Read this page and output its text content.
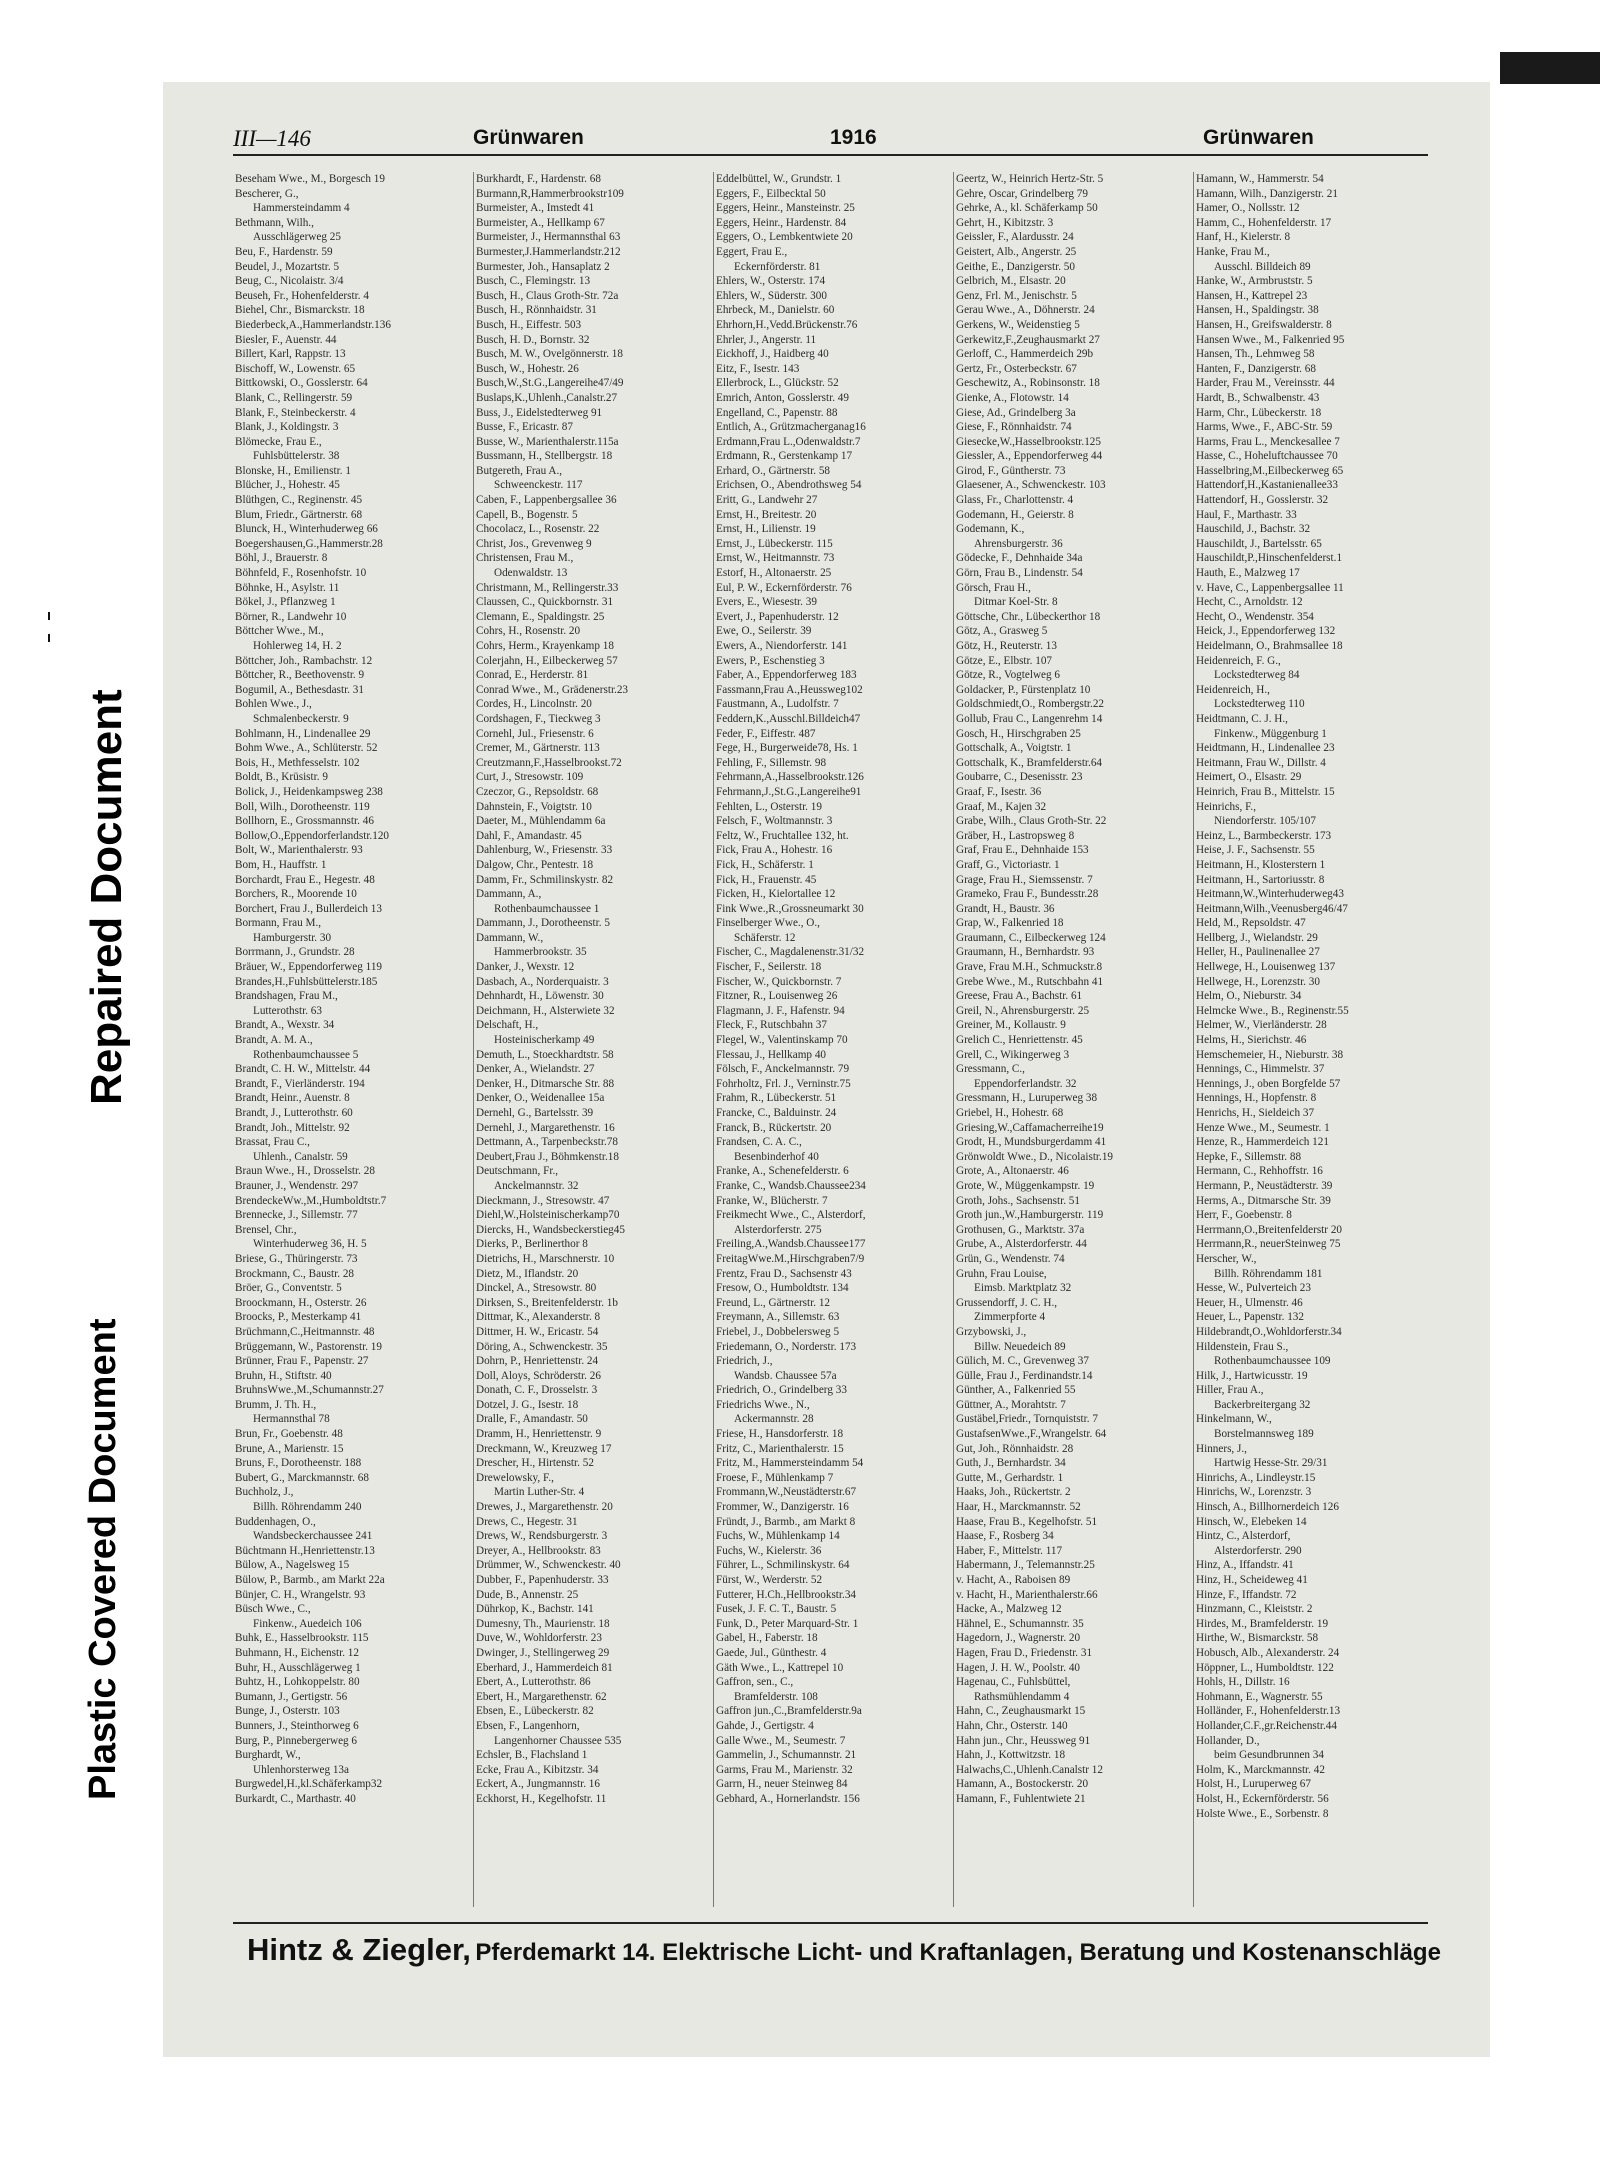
Repaired Document
Plastic Covered Document
III—146	Grünwaren	1916	Grünwaren
Beseham Wwe., M., Borgesch 19
Bescherer, G.,
Hammersteindamm 4
Bethmann, Wilh.,
Ausschlägerweg 25
Beu, F., Hardenstr. 59
Beudel, J., Mozartstr. 5
Beug, C., Nicolaistr. 3/4
Beuseh, Fr., Hohenfelderstr. 4
Biehel, Chr., Bismarckstr. 18
Biederbeck,A.,Hammerlandstr.136
Biesler, F., Auenstr. 44
Billert, Karl, Rappstr. 13
Bischoff, W., Lowenstr. 65
Bittkowski, O., Gosslerstr. 64
Blank, C., Rellingerstr. 59
Blank, F., Steinbeckerstr. 4
Blank, J., Koldingstr. 3
Blömecke, Frau E.,
Fuhlsbüttelerstr. 38
Blonske, H., Emilienstr. 1
Blücher, J., Hohestr. 45
Blüthgen, C., Reginenstr. 45
Blum, Friedr., Gärtnerstr. 68
Blunck, H., Winterhuderweg 66
Boegershausen,G.,Hammerstr.28
Böhl, J., Brauerstr. 8
Böhnfeld, F., Rosenhofstr. 10
Böhnke, H., Asylstr. 11
Bökel, J., Pflanzweg 1
Börner, R., Landwehr 10
Böttcher Wwe., M.,
Hohlerweg 14, H. 2
Böttcher, Joh., Rambachstr. 12
Böttcher, R., Beethovenstr. 9
Bogumil, A., Bethesdastr. 31
Bohlen Wwe., J.,
Schmalenbeckerstr. 9
Bohlmann, H., Lindenallee 29
Bohm Wwe., A., Schlüterstr. 52
Bois, H., Methfesselstr. 102
Boldt, B., Krüsistr. 9
Bolick, J., Heidenkampsweg 238
Boll, Wilh., Dorotheenstr. 119
Bollhorn, E., Grossmannstr. 46
Bollow,O.,Eppendorferlandstr.120
Bolt, W., Marienthalerstr. 93
Bom, H., Hauffstr. 1
Borchardt, Frau E., Hegestr. 48
Borchers, R., Moorende 10
Borchert, Frau J., Bullerdeich 13
Bormann, Frau M.,
Hamburgerstr. 30
Borrmann, J., Grundstr. 28
Bräuer, W., Eppendorferweg 119
Brandes,H.,Fuhlsbüttelerstr.185
Brandshagen, Frau M.,
Lutterothstr. 63
Brandt, A., Wexstr. 34
Brandt, A. M. A.,
Rothenbaumchaussee 5
Brandt, C. H. W., Mittelstr. 44
Brandt, F., Vierländerstr. 194
Brandt, Heinr., Auenstr. 8
Brandt, J., Lutterothstr. 60
Brandt, Joh., Mittelstr. 92
Brassat, Frau C.,
Uhlenh., Canalstr. 59
Braun Wwe., H., Drosselstr. 28
Brauner, J., Wendenstr. 297
BrendeckeWw.,M.,Humboldtstr.7
Brennecke, J., Sillemstr. 77
Brensel, Chr.,
Winterhuderweg 36, H. 5
Briese, G., Thüringerstr. 73
Brockmann, C., Baustr. 28
Bröer, G., Conventstr. 5
Broockmann, H., Osterstr. 26
Broocks, P., Mesterkamp 41
Brüchmann,C.,Heitmannstr. 48
Brüggemann, W., Pastorenstr. 19
Brünner, Frau F., Papenstr. 27
Bruhn, H., Stiftstr. 40
BruhnsWwe.,M.,Schumannstr.27
Brumm, J. Th. H.,
Hermannsthal 78
Brun, Fr., Goebenstr. 48
Brune, A., Marienstr. 15
Bruns, F., Dorotheenstr. 188
Bubert, G., Marckmannstr. 68
Buchholz, J.,
Billh. Röhrendamm 240
Buddenhagen, O.,
Wandsbeckerchaussee 241
Büchtmann H.,Henriettenstr.13
Bülow, A., Nagelsweg 15
Bülow, P., Barmb., am Markt 22a
Bünjer, C. H., Wrangelstr. 93
Büsch Wwe., C.,
Finkenw., Auedeich 106
Buhk, E., Hasselbrookstr. 115
Buhmann, H., Eichenstr. 12
Buhr, H., Ausschlägerweg 1
Buhtz, H., Lohkoppelstr. 80
Bumann, J., Gertigstr. 56
Bunge, J., Osterstr. 103
Bunners, J., Steinthorweg 6
Burg, P., Pinnebergerweg 6
Burghardt, W.,
Uhlenhorsterweg 13a
Burgwedel,H.,kl.Schäferkamp32
Burkardt, C., Marthastr. 40
Burkhardt, F., Hardenstr. 68
Burmann,R,Hammerbrookstr109
Burmeister, A., Imstedt 41
Burmeister, A., Hellkamp 67
Burmeister, J., Hermannsthal 63
Burmester,J.Hammerlandstr.212
Burmester, Joh., Hansaplatz 2
Busch, C., Flemingstr. 13
Busch, H., Claus Groth-Str. 72a
Busch, H., Rönnhaidstr. 31
Busch, H., Eiffestr. 503
Busch, H. D., Bornstr. 32
Busch, M. W., Ovelgönnerstr. 18
Busch, W., Hohestr. 26
Busch,W.,St.G.,Langereihe47/49
Buslaps,K.,Uhlenh.,Canalstr.27
Buss, J., Eidelstedterweg 91
Busse, F., Ericastr. 87
Busse, W., Marienthalerstr.115a
Bussmann, H., Stellbergstr. 18
Butgereth, Frau A.,
Schweenckestr. 117
Caben, F., Lappenbergsallee 36
Capell, B., Bogenstr. 5
Chocolacz, L., Rosenstr. 22
Christ, Jos., Grevenweg 9
Christensen, Frau M.,
Odenwaldstr. 13
Christmann, M., Rellingerstr.33
Claussen, C., Quickbornstr. 31
Clemann, E., Spaldingstr. 25
Cohrs, H., Rosenstr. 20
Cohrs, Herm., Krayenkamp 18
Colerjahn, H., Eilbeckerweg 57
Conrad, E., Herderstr. 81
Conrad Wwe., M., Grädenerstr.23
Cordes, H., Lincolnstr. 20
Cordshagen, F., Tieckweg 3
Cornehl, Jul., Friesenstr. 6
Cremer, M., Gärtnerstr. 113
Creutzmann,F.,Hasselbrookst.72
Curt, J., Stresowstr. 109
Czeczor, G., Repsoldstr. 68
Dahnstein, F., Voigtstr. 10
Daeter, M., Mühlendamm 6a
Dahl, F., Amandastr. 45
Dahlenburg, W., Friesenstr. 33
Dalgow, Chr., Pentestr. 18
Damm, Fr., Schmilinskystr. 82
Dammann, A.,
Rothenbaumchaussee 1
Dammann, J., Dorotheenstr. 5
Dammann, W.,
Hammerbrookstr. 35
Danker, J., Wexstr. 12
Dasbach, A., Norderquaistr. 3
Dehnhardt, H., Löwenstr. 30
Deichmann, H., Alsterwiete 32
Delschaft, H.,
Hosteinischerkamp 49
Demuth, L., Stoeckhardtstr. 58
Denker, A., Wielandstr. 27
Denker, H., Ditmarsche Str. 88
Denker, O., Weidenallee 15a
Dernehl, G., Bartelsstr. 39
Dernehl, J., Margarethenstr. 16
Dettmann, A., Tarpenbeckstr.78
Deubert,Frau J., Böhmkenstr.18
Deutschmann, Fr.,
Anckelmannstr. 32
Dieckmann, J., Stresowstr. 47
Diehl,W.,Holsteinischerkamp70
Diercks, H., Wandsbeckerstieg45
Dierks, P., Berlinerthor 8
Dietrichs, H., Marschnerstr. 10
Dietz, M., Iflandstr. 20
Dinckel, A., Stresowstr. 80
Dirksen, S., Breitenfelderstr. 1b
Dittmar, K., Alexanderstr. 8
Dittmer, H. W., Ericastr. 54
Döring, A., Schwenckestr. 35
Dohrn, P., Henriettenstr. 24
Doll, Aloys, Schröderstr. 26
Donath, C. F., Drosselstr. 3
Dotzel, J. G., Isestr. 18
Dralle, F., Amandastr. 50
Dramm, H., Henriettenstr. 9
Dreckmann, W., Kreuzweg 17
Drescher, H., Hirtenstr. 52
Drewelowsky, F.,
Martin Luther-Str. 4
Drewes, J., Margarethenstr. 20
Drews, C., Hegestr. 31
Drews, W., Rendsburgerstr. 3
Dreyer, A., Hellbrookstr. 83
Drümmer, W., Schwenckestr. 40
Dubber, F., Papenhuderstr. 33
Dude, B., Annenstr. 25
Dührkop, K., Bachstr. 141
Dumesny, Th., Maurienstr. 18
Duve, W., Wohldorferstr. 23
Dwinger, J., Stellingerweg 29
Eberhard, J., Hammerdeich 81
Ebert, A., Lutterothstr. 86
Ebert, H., Margarethenstr. 62
Ebsen, E., Lübeckerstr. 82
Ebsen, F., Langenhorn,
Langenhorner Chaussee 535
Echsler, B., Flachsland 1
Ecke, Frau A., Kibitzstr. 34
Eckert, A., Jungmannstr. 16
Eckhorst, H., Kegelhofstr. 11
Eddelbüttel, W., Grundstr. 1
Eggers, F., Eilbecktal 50
Eggers, Heinr., Mansteinstr. 25
Eggers, Heinr., Hardenstr. 84
Eggers, O., Lembkentwiete 20
Eggert, Frau E.,
Eckernförderstr. 81
Ehlers, W., Osterstr. 174
Ehlers, W., Süderstr. 300
Ehrbeck, M., Danielstr. 60
Ehrhorn,H.,Vedd.Brückenstr.76
Ehrler, J., Angerstr. 11
Eickhoff, J., Haidberg 40
Eitz, F., Isestr. 143
Ellerbrock, L., Glückstr. 52
Emrich, Anton, Gosslerstr. 49
Engelland, C., Papenstr. 88
Entlich, A., Grützmacherganag16
Erdmann,Frau L.,Odenwaldstr.7
Erdmann, R., Gerstenkamp 17
Erhard, O., Gärtnerstr. 58
Erichsen, O., Abendrothsweg 54
Eritt, G., Landwehr 27
Ernst, H., Breitestr. 20
Ernst, H., Lilienstr. 19
Ernst, J., Lübeckerstr. 115
Ernst, W., Heitmannstr. 73
Estorf, H., Altonaerstr. 25
Eul, P. W., Eckernförderstr. 76
Evers, E., Wiesestr. 39
Evert, J., Papenhuderstr. 12
Ewe, O., Seilerstr. 39
Ewers, A., Niendorferstr. 141
Ewers, P., Eschenstieg 3
Faber, A., Eppendorferweg 183
Fassmann,Frau A.,Heussweg102
Faustmann, A., Ludolfstr. 7
Feddern,K.,Ausschl.Billdeich47
Feder, F., Eiffestr. 487
Fege, H., Burgerweide78, Hs. 1
Fehling, F., Sillemstr. 98
Fehrmann,A.,Hasselbrookstr.126
Fehrmann,J.,St.G.,Langereihe91
Fehlten, L., Osterstr. 19
Felsch, F., Woltmannstr. 3
Feltz, W., Fruchtallee 132, ht.
Fick, Frau A., Hohestr. 16
Fick, H., Schäferstr. 1
Fick, H., Frauenstr. 45
Ficken, H., Kielortallee 12
Fink Wwe.,R.,Grossneumarkt 30
Finselberger Wwe., O.,
Schäferstr. 12
Fischer, C., Magdalenenstr.31/32
Fischer, F., Seilerstr. 18
Fischer, W., Quickbornstr. 7
Fitzner, R., Louisenweg 26
Flagmann, J. F., Hafenstr. 94
Fleck, F., Rutschbahn 37
Flegel, W., Valentinskamp 70
Flessau, J., Hellkamp 40
Fölsch, F., Anckelmannstr. 79
Fohrholtz, Frl. J., Verninstr.75
Frahm, R., Lübeckerstr. 51
Francke, C., Balduinstr. 24
Franck, B., Rückertstr. 20
Frandsen, C. A. C.,
Besenbinderhof 40
Franke, A., Schenefelderstr. 6
Franke, C., Wandsb.Chaussee234
Franke, W., Blücherstr. 7
Freikmecht Wwe., C., Alsterdorf,
Alsterdorferstr. 275
Freiling,A.,Wandsb.Chaussee177
FreitagWwe.M.,Hirschgraben7/9
Frentz, Frau D., Sachsenstr 43
Fresow, O., Humboldtstr. 134
Freund, L., Gärtnerstr. 12
Freymann, A., Sillemstr. 63
Friebel, J., Dobbelersweg 5
Friedemann, O., Norderstr. 173
Friedrich, J.,
Wandsb. Chaussee 57a
Friedrich, O., Grindelberg 33
Friedrichs Wwe., N.,
Ackermannstr. 28
Friese, H., Hansdorferstr. 18
Fritz, C., Marienthalerstr. 15
Fritz, M., Hammersteindamm 54
Froese, F., Mühlenkamp 7
Frommann,W.,Neustädterstr.67
Frommer, W., Danzigerstr. 16
Fründt, J., Barmb., am Markt 8
Fuchs, W., Mühlenkamp 14
Fuchs, W., Kielerstr. 36
Führer, L., Schmilinskystr. 64
Fürst, W., Werderstr. 52
Futterer, H.Ch.,Hellbrookstr.34
Fusek, J. F. C. T., Baustr. 5
Funk, D., Peter Marquard-Str. 1
Gabel, H., Faberstr. 18
Gaede, Jul., Günthestr. 4
Gäth Wwe., L., Kattrepel 10
Gaffron, sen., C.,
Bramfelderstr. 108
Gaffron jun.,C.,Bramfelderstr.9a
Gahde, J., Gertigstr. 4
Galle Wwe., M., Seumestr. 7
Gammelin, J., Schumannstr. 21
Garms, Frau M., Marienstr. 32
Garrn, H., neuer Steinweg 84
Gebhard, A., Hornerlandstr. 156
Geertz, W., Heinrich Hertz-Str. 5
Gehre, Oscar, Grindelberg 79
Gehrke, A., kl. Schäferkamp 50
Gehrt, H., Kibitzstr. 3
Geissler, F., Alardusstr. 24
Geistert, Alb., Angerstr. 25
Geithe, E., Danzigerstr. 50
Gelbrich, M., Elsastr. 20
Genz, Frl. M., Jenischstr. 5
Gerau Wwe., A., Döhnerstr. 24
Gerkens, W., Weidenstieg 5
Gerkewitz,F.,Zeughausmarkt 27
Gerloff, C., Hammerdeich 29b
Gertz, Fr., Osterbeckstr. 67
Geschewitz, A., Robinsonstr. 18
Gienke, A., Flotowstr. 14
Giese, Ad., Grindelberg 3a
Giese, F., Rönnhaidstr. 74
Giesecke,W.,Hasselbrookstr.125
Giessler, A., Eppendorferweg 44
Girod, F., Güntherstr. 73
Glaesener, A., Schwenckestr. 103
Glass, Fr., Charlottenstr. 4
Godemann, H., Geierstr. 8
Godemann, K.,
Ahrensburgerstr. 36
Gödecke, F., Dehnhaide 34a
Görn, Frau B., Lindenstr. 54
Görsch, Frau H.,
Ditmar Koel-Str. 8
Göttsche, Chr., Lübeckerthor 18
Götz, A., Grasweg 5
Götz, H., Reuterstr. 13
Götze, E., Elbstr. 107
Götze, R., Vogtelweg 6
Goldacker, P., Fürstenplatz 10
Goldschmiedt,O., Rombergstr.22
Gollub, Frau C., Langenrehm 14
Gosch, H., Hirschgraben 25
Gottschalk, A., Voigtstr. 1
Gottschalk, K., Bramfelderstr.64
Goubarre, C., Desenisstr. 23
Graaf, F., Isestr. 36
Graaf, M., Kajen 32
Grabe, Wilh., Claus Groth-Str. 22
Gräber, H., Lastropsweg 8
Graf, Frau E., Dehnhaide 153
Graff, G., Victoriastr. 1
Grage, Frau H., Siemssenstr. 7
Grameko, Frau F., Bundesstr.28
Grandt, H., Baustr. 36
Grap, W., Falkenried 18
Graumann, C., Eilbeckerweg 124
Graumann, H., Bernhardstr. 93
Grave, Frau M.H., Schmuckstr.8
Grebe Wwe., M., Rutschbahn 41
Greese, Frau A., Bachstr. 61
Greil, N., Ahrensburgerstr. 25
Greiner, M., Kollaustr. 9
Grelich C., Henriettenstr. 45
Grell, C., Wikingerweg 3
Gressmann, C.,
Eppendorferlandstr. 32
Gressmann, H., Luruperweg 38
Griebel, H., Hohestr. 68
Griesing,W.,Caffamacherreihe19
Grodt, H., Mundsburgerdamm 41
Grönwoldt Wwe., D., Nicolaistr.19
Grote, A., Altonaerstr. 46
Grote, W., Müggenkampstr. 19
Groth, Johs., Sachsenstr. 51
Groth jun.,W.,Hamburgerstr. 119
Grothusen, G., Marktstr. 37a
Grube, A., Alsterdorferstr. 44
Grün, G., Wendenstr. 74
Gruhn, Frau Louise,
Eimsb. Marktplatz 32
Grussendorff, J. C. H.,
Zimmerpforte 4
Grzybowski, J.,
Billw. Neuedeich 89
Gülich, M. C., Grevenweg 37
Gülle, Frau J., Ferdinandstr.14
Günther, A., Falkenried 55
Güttner, A., Morahtstr. 7
Gustäbel,Friedr., Tornquiststr. 7
GustafsenWwe.,F.,Wrangelstr. 64
Gut, Joh., Rönnhaidstr. 28
Guth, J., Bernhardstr. 34
Gutte, M., Gerhardstr. 1
Haaks, Joh., Rückertstr. 2
Haar, H., Marckmannstr. 52
Haase, Frau B., Kegelhofstr. 51
Haase, F., Rosberg 34
Haber, F., Mittelstr. 117
Habermann, J., Telemannstr.25
v. Hacht, A., Raboisen 89
v. Hacht, H., Marienthalerstr.66
Hacke, A., Malzweg 12
Hähnel, E., Schumannstr. 35
Hagedorn, J., Wagnerstr. 20
Hagen, Frau D., Friedenstr. 31
Hagen, J. H. W., Poolstr. 40
Hagenau, C., Fuhlsbüttel,
Rathsmühlendamm 4
Hahn, C., Zeughausmarkt 15
Hahn, Chr., Osterstr. 140
Hahn jun., Chr., Heussweg 91
Hahn, J., Kottwitzstr. 18
Halwachs,C.,Uhlenh.Canalstr 12
Hamann, A., Bostockerstr. 20
Hamann, F., Fuhlentwiete 21
Hamann, W., Hammerstr. 54
Hamann, Wilh., Danzigerstr. 21
Hamer, O., Nollsstr. 12
Hamm, C., Hohenfelderstr. 17
Hanf, H., Kielerstr. 8
Hanke, Frau M.,
Ausschl. Billdeich 89
Hanke, W., Armbruststr. 5
Hansen, H., Kattrepel 23
Hansen, H., Spaldingstr. 38
Hansen, H., Greifswalderstr. 8
Hansen Wwe., M., Falkenried 95
Hansen, Th., Lehmweg 58
Hanten, F., Danzigerstr. 68
Harder, Frau M., Vereinsstr. 44
Hardt, B., Schwalbenstr. 43
Harm, Chr., Lübeckerstr. 18
Harms, Wwe., F., ABC-Str. 59
Harms, Frau L., Menckesallee 7
Hasse, C., Hoheluftchaussee 70
Hasselbring,M.,Eilbeckerweg 65
Hattendorf,H.,Kastanienallee33
Hattendorf, H., Gosslerstr. 32
Haul, F., Marthastr. 33
Hauschild, J., Bachstr. 32
Hauschildt, J., Bartelsstr. 65
Hauschildt,P.,Hinschenfelderst.1
Hauth, E., Malzweg 17
v. Have, C., Lappenbergsallee 11
Hecht, C., Arnoldstr. 12
Hecht, O., Wendenstr. 354
Heick, J., Eppendorferweg 132
Heidelmann, O., Brahmsallee 18
Heidenreich, F. G.,
Lockstedterweg 84
Heidenreich, H.,
Lockstedterweg 110
Heidtmann, C. J. H.,
Finkenw., Müggenburg 1
Heidtmann, H., Lindenallee 23
Heitmann, Frau W., Dillstr. 4
Heimert, O., Elsastr. 29
Heinrich, Frau B., Mittelstr. 15
Heinrichs, F.,
Niendorferstr. 105/107
Heinz, L., Barmbeckerstr. 173
Heise, J. F., Sachsenstr. 55
Heitmann, H., Klosterstern 1
Heitmann, H., Sartoriusstr. 8
Heitmann,W.,Winterhuderweg43
Heitmann,Wilh.,Veenusberg46/47
Held, M., Repsoldstr. 47
Hellberg, J., Wielandstr. 29
Heller, H., Paulinenallee 27
Hellwege, H., Louisenweg 137
Hellwege, H., Lorenzstr. 30
Helm, O., Nieburstr. 34
Helmcke Wwe., B., Reginenstr.55
Helmer, W., Vierländerstr. 28
Helms, H., Sierichstr. 46
Hemschemeier, H., Nieburstr. 38
Hennings, C., Himmelstr. 37
Hennings, J., oben Borgfelde 57
Hennings, H., Hopfenstr. 8
Henrichs, H., Sieldeich 37
Henze Wwe., M., Seumestr. 1
Henze, R., Hammerdeich 121
Hepke, F., Sillemstr. 88
Hermann, C., Rehhoffstr. 16
Hermann, P., Neustädterstr. 39
Herms, A., Ditmarsche Str. 39
Herr, F., Goebenstr. 8
Herrmann,O.,Breitenfelderstr 20
Herrmann,R., neuerSteinweg 75
Herscher, W.,
Billh. Röhrendamm 181
Hesse, W., Pulverteich 23
Heuer, H., Ulmenstr. 46
Heuer, L., Papenstr. 132
Hildebrandt,O.,Wohldorferstr.34
Hildenstein, Frau S.,
Rothenbaumchaussee 109
Hilk, J., Hartwicusstr. 19
Hiller, Frau A.,
Backerbreitergang 32
Hinkelmann, W.,
Borstelmannsweg 189
Hinners, J.,
Hartwig Hesse-Str. 29/31
Hinrichs, A., Lindleystr.15
Hinrichs, W., Lorenzstr. 3
Hinsch, A., Billhornerdeich 126
Hinsch, W., Elebeken 14
Hintz, C., Alsterdorf,
Alsterdorferstr. 290
Hinz, A., Iffandstr. 41
Hinz, H., Scheideweg 41
Hinze, F., Iffandstr. 72
Hinzmann, C., Kleiststr. 2
Hirdes, M., Bramfelderstr. 19
Hirthe, W., Bismarckstr. 58
Hobusch, Alb., Alexanderstr. 24
Höppner, L., Humboldtstr. 122
Hohls, H., Dillstr. 16
Hohmann, E., Wagnerstr. 55
Holländer, F., Hohenfelderstr.13
Hollander,C.F.,gr.Reichenstr.44
Hollander, D.,
beim Gesundbrunnen 34
Holm, K., Marckmannstr. 42
Holst, H., Luruperweg 67
Holst, H., Eckernförderstr. 56
Holste Wwe., E., Sorbenstr. 8
Hintz & Ziegler, Pferdemarkt 14. Elektrische Licht- und Kraftanlagen, Beratung und Kostenanschläge
